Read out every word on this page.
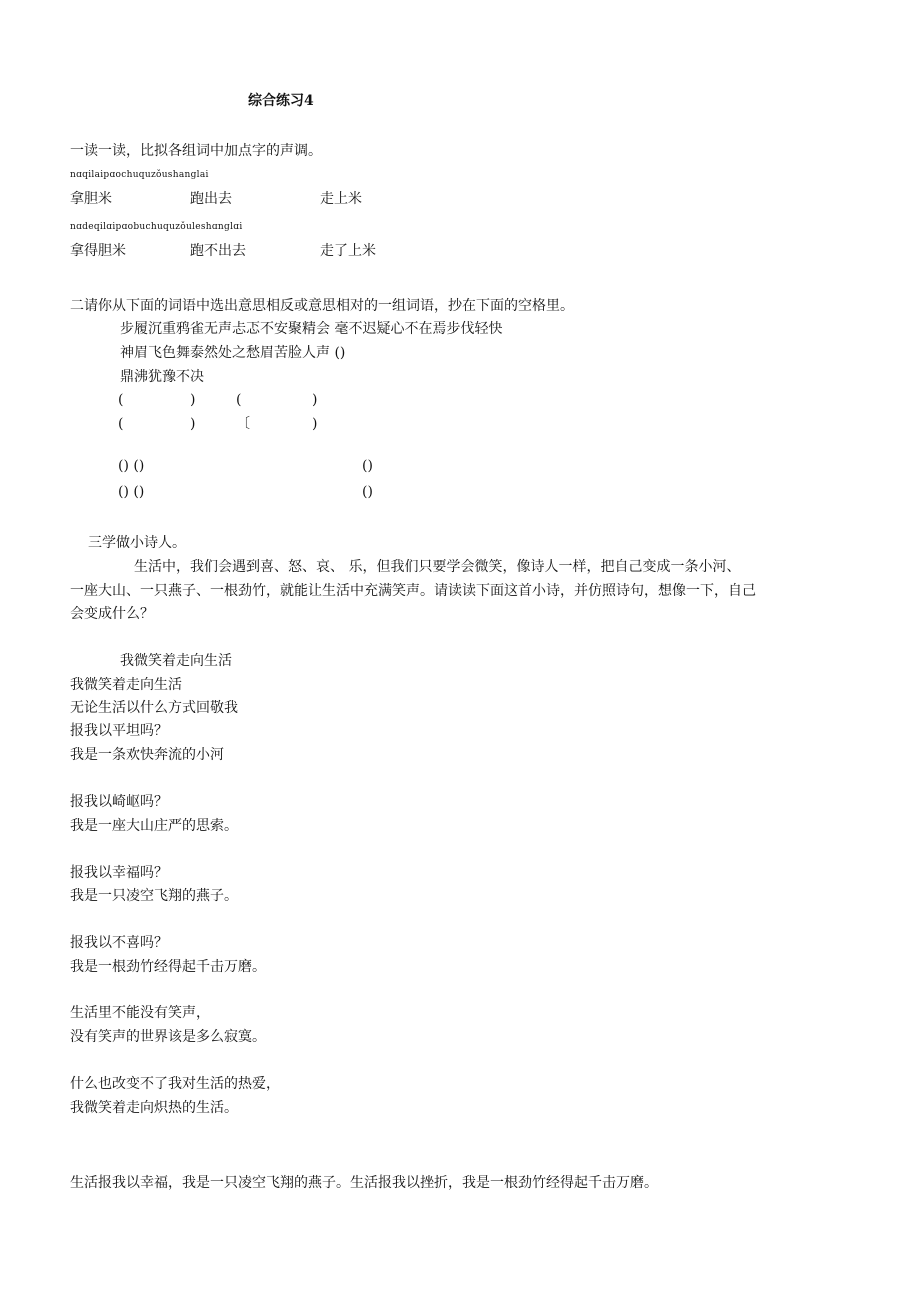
综合练习4
一读一读，比拟各组词中加点字的声调。
nɑqilaipɑochuquzǒushanglai
拿胆米	跑出去	走上米
nɑdeqilɑipɑobuchuquzǒuleshɑnglɑi
拿得胆米	跑不出去	走了上米
二请你从下面的词语中选出意思相反或意思相对的一组词语，抄在下面的空格里。
步履沉重鸦雀无声忐忑不安聚精会 毫不迟疑心不在焉步伐轻快
神眉飞色舞泰然处之愁眉苦脸人声 ()
鼎沸犹豫不决
(	)	(	)
(	)	〔	)
() ()	()
() ()	()
三学做小诗人。
生活中，我们会遇到喜、怒、哀、 乐，但我们只要学会微笑，像诗人一样，把自己变成一条小河、
一座大山、一只燕子、一根劲竹，就能让生活中充满笑声。请读读下面这首小诗，并仿照诗句，想像一下，自己
会变成什么？
我微笑着走向生活
我微笑着走向生活
无论生活以什么方式回敬我
报我以平坦吗？
我是一条欢快奔流的小河
报我以崎岖吗？
我是一座大山庄严的思索。
报我以幸福吗？
我是一只凌空飞翔的燕子。
报我以不喜吗？
我是一根劲竹经得起千击万磨。
生活里不能没有笑声，
没有笑声的世界该是多么寂寞。
什么也改变不了我对生活的热爱，
我微笑着走向炽热的生活。
生活报我以幸福，我是一只凌空飞翔的燕子。生活报我以挫折，我是一根劲竹经得起千击万磨。
